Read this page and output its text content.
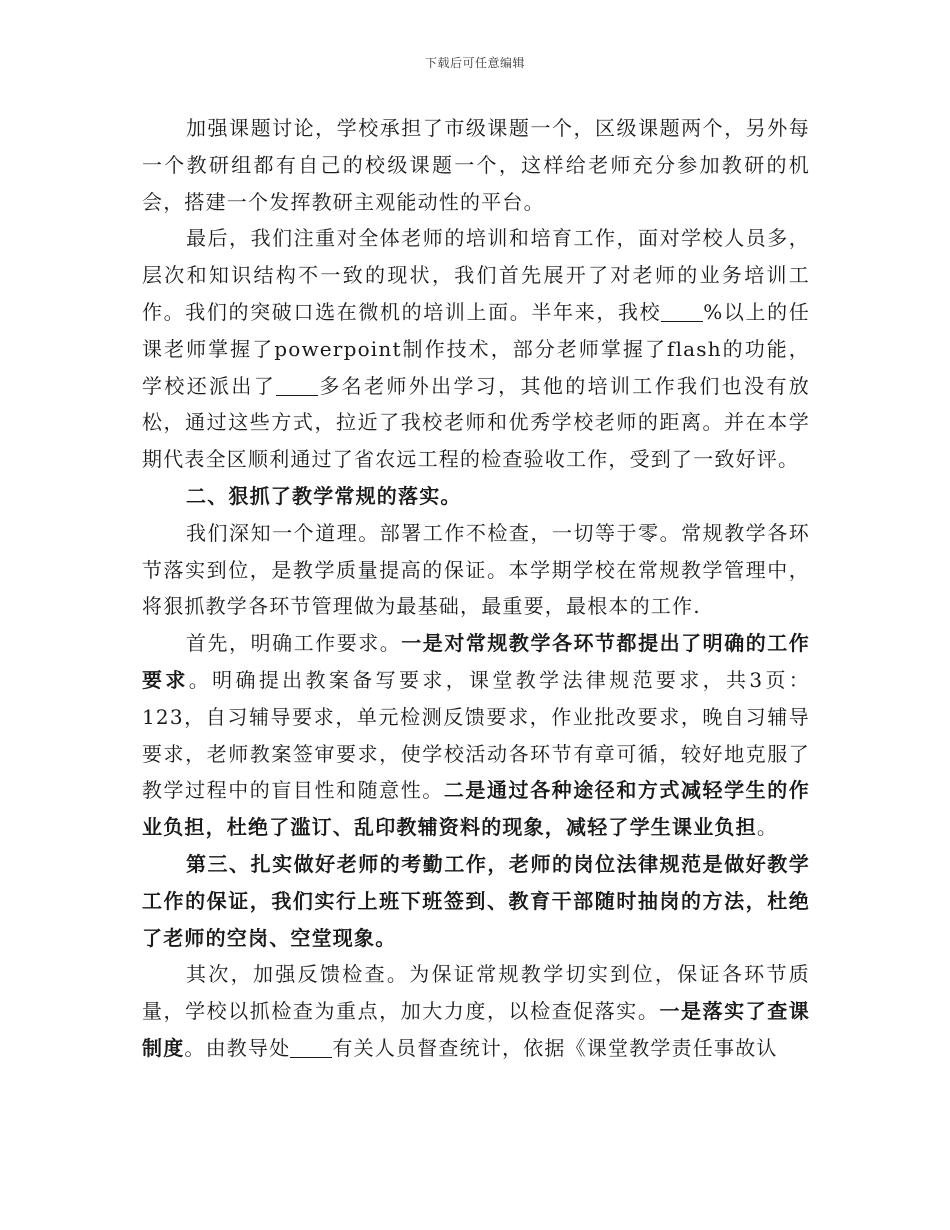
下载后可任意编辑

加强课题讨论，学校承担了市级课题一个，区级课题两个，另外每一个教研组都有自己的校级课题一个，这样给老师充分参加教研的机会，搭建一个发挥教研主观能动性的平台。

最后，我们注重对全体老师的培训和培育工作，面对学校人员多，层次和知识结构不一致的现状，我们首先展开了对老师的业务培训工作。我们的突破口选在微机的培训上面。半年来，我校 %以上的任课老师掌握了powerpoint制作技术，部分老师掌握了flash的功能，学校还派出了 多名老师外出学习，其他的培训工作我们也没有放松，通过这些方式，拉近了我校老师和优秀学校老师的距离。并在本学期代表全区顺利通过了省农远工程的检查验收工作，受到了一致好评。

二、狠抓了教学常规的落实。

我们深知一个道理。部署工作不检查，一切等于零。常规教学各环节落实到位，是教学质量提高的保证。本学期学校在常规教学管理中，将狠抓教学各环节管理做为最基础，最重要，最根本的工作.

首先，明确工作要求。一是对常规教学各环节都提出了明确的工作要求。明确提出教案备写要求，课堂教学法律规范要求，共3页：123，自习辅导要求，单元检测反馈要求，作业批改要求，晚自习辅导要求，老师教案签审要求，使学校活动各环节有章可循，较好地克服了教学过程中的盲目性和随意性。二是通过各种途径和方式减轻学生的作业负担，杜绝了滥订、乱印教辅资料的现象，减轻了学生课业负担。

第三、扎实做好老师的考勤工作，老师的岗位法律规范是做好教学工作的保证，我们实行上班下班签到、教育干部随时抽岗的方法，杜绝了老师的空岗、空堂现象。

其次，加强反馈检查。为保证常规教学切实到位，保证各环节质量，学校以抓检查为重点，加大力度，以检查促落实。一是落实了查课制度。由教导处 有关人员督查统计，依据《课堂教学责任事故认
